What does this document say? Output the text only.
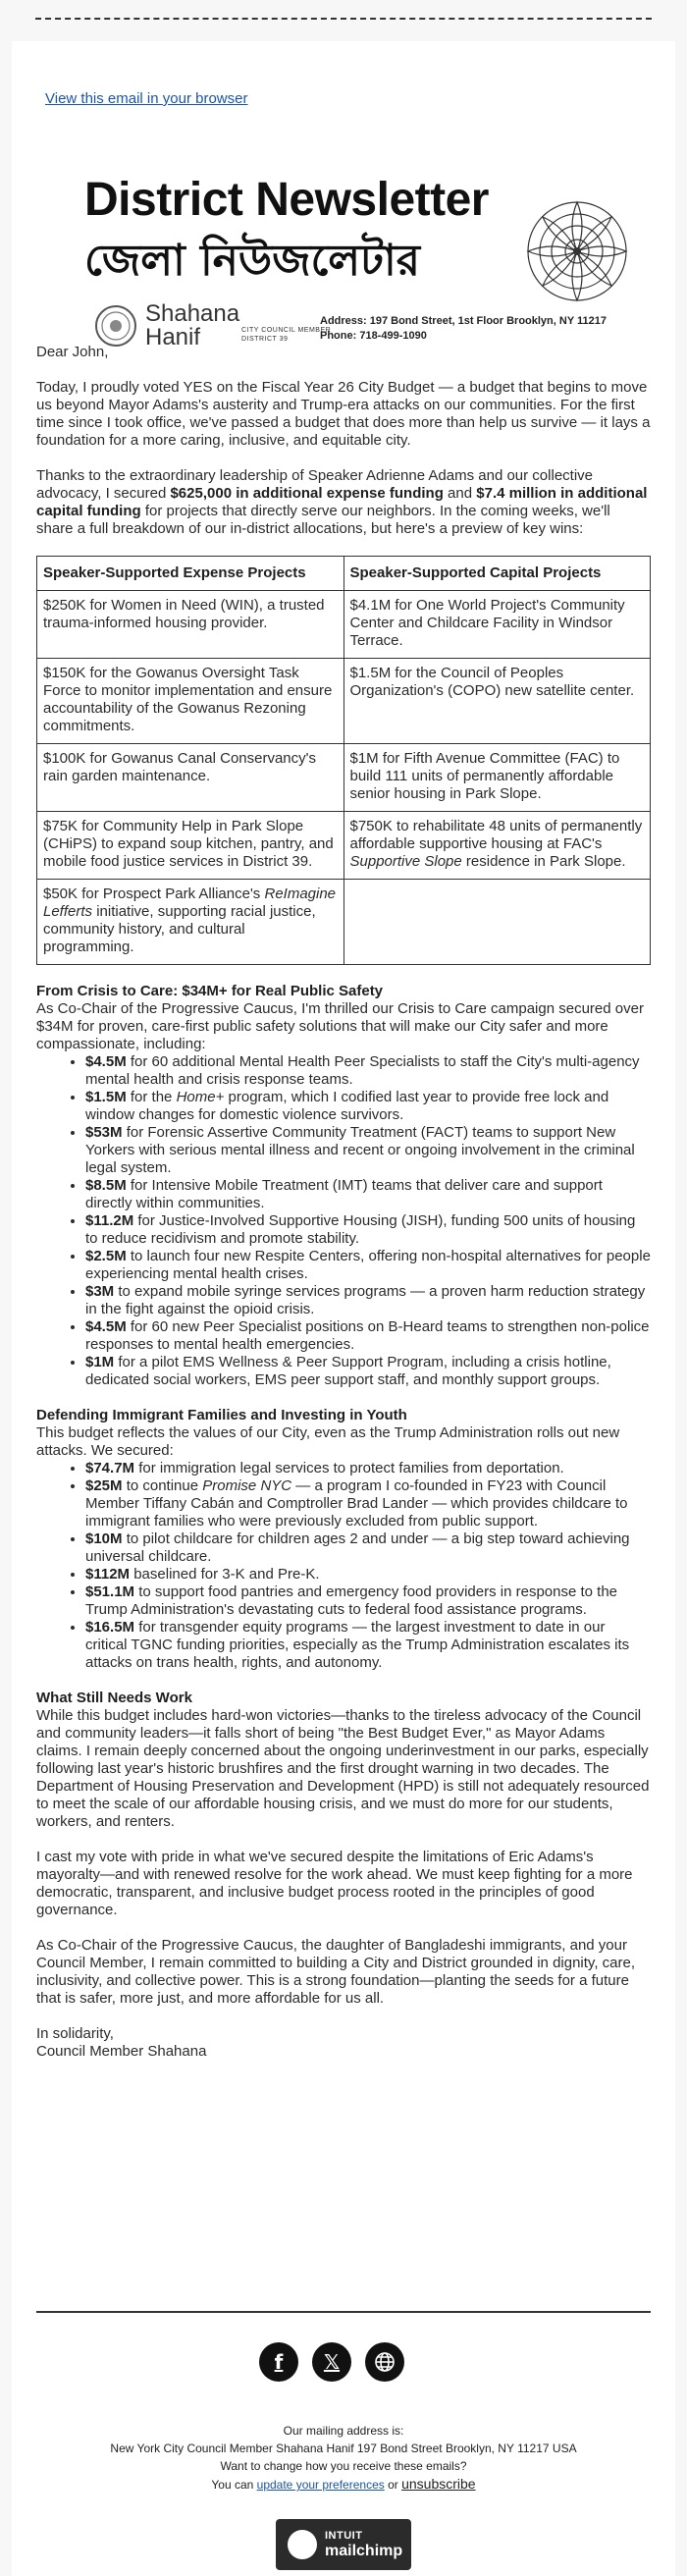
View this email in your browser
District Newsletter
জেলা নিউজলেটার
Shahana
Hanif	CITY COUNCIL MEMBER
DISTRICT 39
Address: 197 Bond Street, 1st Floor Brooklyn, NY 11217
Phone: 718-499-1090

Dear John,

Today, I proudly voted YES on the Fiscal Year 26 City Budget — a budget that begins to move us beyond Mayor Adams's austerity and Trump-era attacks on our communities. For the first time since I took office, we've passed a budget that does more than help us survive — it lays a foundation for a more caring, inclusive, and equitable city.

Thanks to the extraordinary leadership of Speaker Adrienne Adams and our collective advocacy, I secured $625,000 in additional expense funding and $7.4 million in additional capital funding for projects that directly serve our neighbors. In the coming weeks, we'll share a full breakdown of our in-district allocations, but here's a preview of key wins:

Speaker-Supported Expense Projects	Speaker-Supported Capital Projects
$250K for Women in Need (WIN), a trusted trauma-informed housing provider.	$4.1M for One World Project's Community Center and Childcare Facility in Windsor Terrace.
$150K for the Gowanus Oversight Task Force to monitor implementation and ensure accountability of the Gowanus Rezoning commitments.	$1.5M for the Council of Peoples Organization's (COPO) new satellite center.
$100K for Gowanus Canal Conservancy's rain garden maintenance.	$1M for Fifth Avenue Committee (FAC) to build 111 units of permanently affordable senior housing in Park Slope.
$75K for Community Help in Park Slope (CHiPS) to expand soup kitchen, pantry, and mobile food justice services in District 39.	$750K to rehabilitate 48 units of permanently affordable supportive housing at FAC's Supportive Slope residence in Park Slope.
$50K for Prospect Park Alliance's ReImagine Lefferts initiative, supporting racial justice, community history, and cultural programming.	
From Crisis to Care: $34M+ for Real Public Safety
As Co-Chair of the Progressive Caucus, I'm thrilled our Crisis to Care campaign secured over $34M for proven, care-first public safety solutions that will make our City safer and more compassionate, including:
• $4.5M for 60 additional Mental Health Peer Specialists to staff the City's multi-agency mental health and crisis response teams.
• $1.5M for the Home+ program, which I codified last year to provide free lock and window changes for domestic violence survivors.
• $53M for Forensic Assertive Community Treatment (FACT) teams to support New Yorkers with serious mental illness and recent or ongoing involvement in the criminal legal system.
• $8.5M for Intensive Mobile Treatment (IMT) teams that deliver care and support directly within communities.
• $11.2M for Justice-Involved Supportive Housing (JISH), funding 500 units of housing to reduce recidivism and promote stability.
• $2.5M to launch four new Respite Centers, offering non-hospital alternatives for people experiencing mental health crises.
• $3M to expand mobile syringe services programs — a proven harm reduction strategy in the fight against the opioid crisis.
• $4.5M for 60 new Peer Specialist positions on B-Heard teams to strengthen non-police responses to mental health emergencies.
• $1M for a pilot EMS Wellness & Peer Support Program, including a crisis hotline, dedicated social workers, EMS peer support staff, and monthly support groups.
Defending Immigrant Families and Investing in Youth
This budget reflects the values of our City, even as the Trump Administration rolls out new attacks. We secured:
• $74.7M for immigration legal services to protect families from deportation.
• $25M to continue Promise NYC — a program I co-founded in FY23 with Council Member Tiffany Cabán and Comptroller Brad Lander — which provides childcare to immigrant families who were previously excluded from public support.
• $10M to pilot childcare for children ages 2 and under — a big step toward achieving universal childcare.
• $112M baselined for 3-K and Pre-K.
• $51.1M to support food pantries and emergency food providers in response to the Trump Administration's devastating cuts to federal food assistance programs.
• $16.5M for transgender equity programs — the largest investment to date in our critical TGNC funding priorities, especially as the Trump Administration escalates its attacks on trans health, rights, and autonomy.
What Still Needs Work

While this budget includes hard-won victories—thanks to the tireless advocacy of the Council and community leaders—it falls short of being "the Best Budget Ever," as Mayor Adams claims. I remain deeply concerned about the ongoing underinvestment in our parks, especially following last year's historic brushfires and the first drought warning in two decades. The Department of Housing Preservation and Development (HPD) is still not adequately resourced to meet the scale of our affordable housing crisis, and we must do more for our students, workers, and renters.

I cast my vote with pride in what we've secured despite the limitations of Eric Adams's mayoralty—and with renewed resolve for the work ahead. We must keep fighting for a more democratic, transparent, and inclusive budget process rooted in the principles of good governance.

As Co-Chair of the Progressive Caucus, the daughter of Bangladeshi immigrants, and your Council Member, I remain committed to building a City and District grounded in dignity, care, inclusivity, and collective power. This is a strong foundation—planting the seeds for a future that is safer, more just, and more affordable for us all.

In solidarity,

Council Member Shahana

f	𝕏
Our mailing address is:
New York City Council Member Shahana Hanif 197 Bond Street Brooklyn, NY 11217 USA
Want to change how you receive these emails?
You can update your preferences or unsubscribe
INTUIT
mailchimp
